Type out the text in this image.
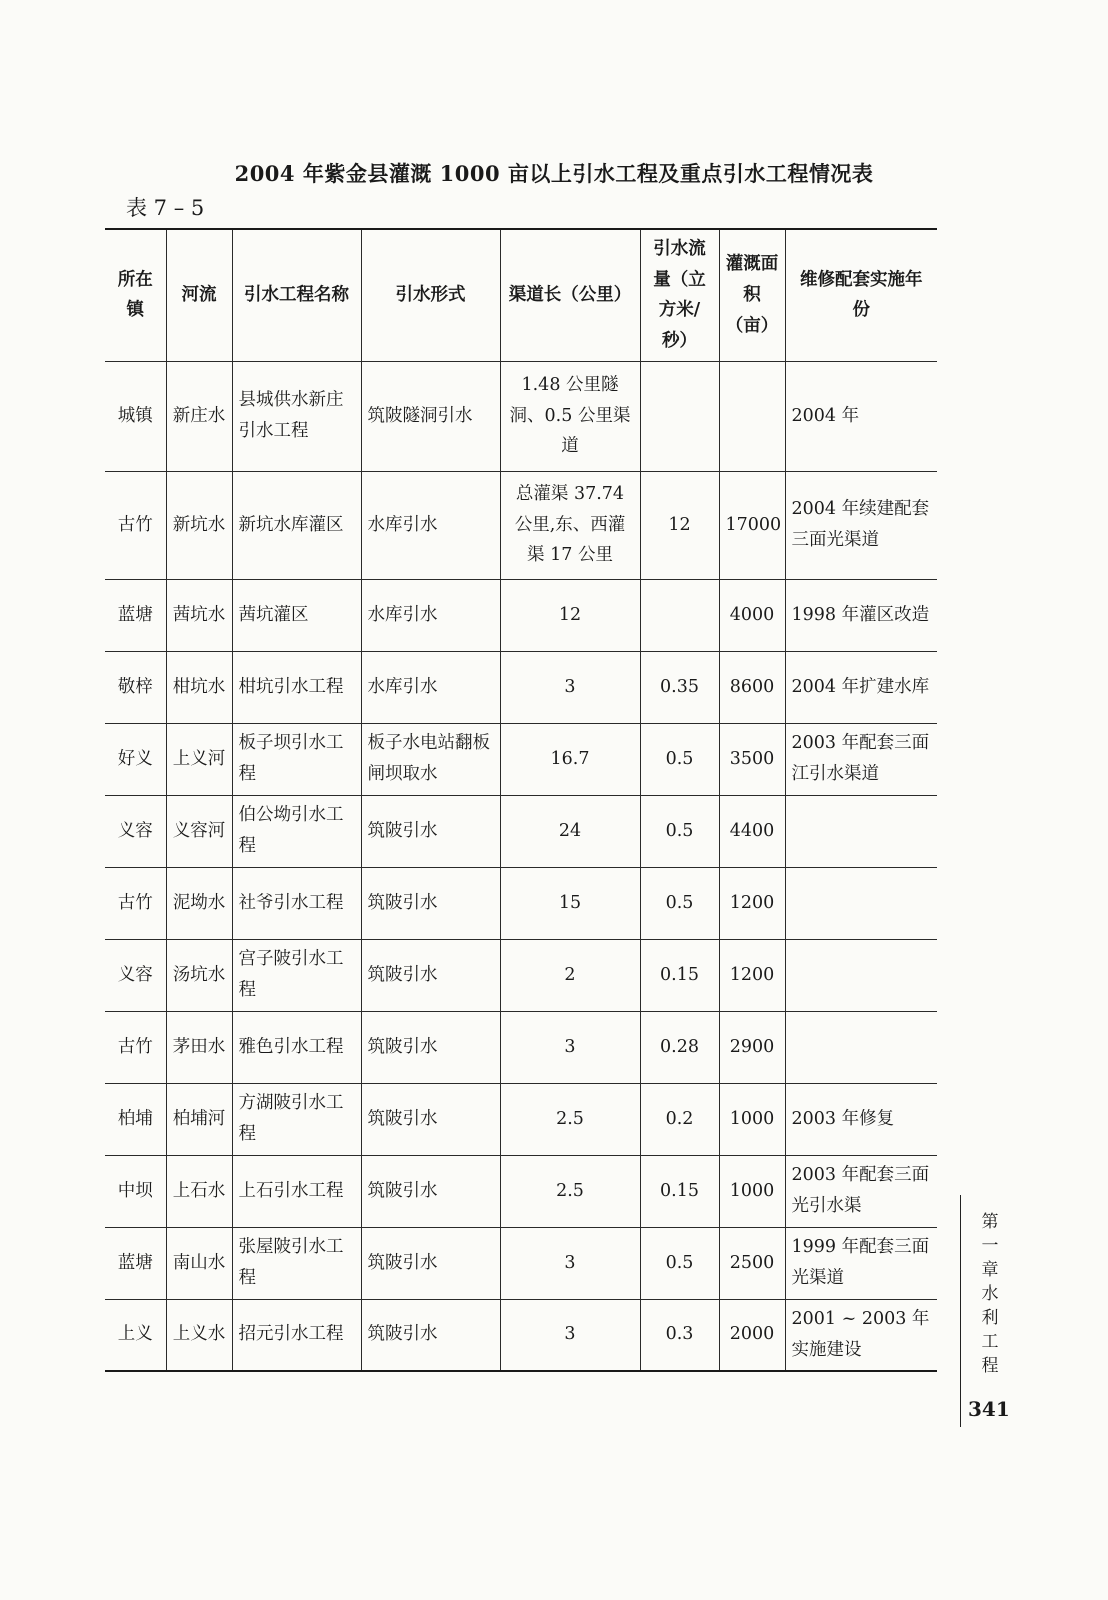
2004 年紫金县灌溉 1000 亩以上引水工程及重点引水工程情况表
表 7 – 5
所在镇	河流	引水工程名称	引水形式	渠道长（公里）	引水流量（立方米/秒）	灌溉面积（亩）	维修配套实施年份
城镇	新庄水	县城供水新庄引水工程	筑陂隧洞引水	1.48 公里隧洞、0.5 公里渠道			2004 年
古竹	新坑水	新坑水库灌区	水库引水	总灌渠 37.74 公里,东、西灌渠 17 公里	12	17000	2004 年续建配套三面光渠道
蓝塘	茜坑水	茜坑灌区	水库引水	12		4000	1998 年灌区改造
敬梓	柑坑水	柑坑引水工程	水库引水	3	0.35	8600	2004 年扩建水库
好义	上义河	板子坝引水工程	板子水电站翻板闸坝取水	16.7	0.5	3500	2003 年配套三面江引水渠道
义容	义容河	伯公坳引水工程	筑陂引水	24	0.5	4400	
古竹	泥坳水	社爷引水工程	筑陂引水	15	0.5	1200	
义容	汤坑水	宫子陂引水工程	筑陂引水	2	0.15	1200	
古竹	茅田水	雅色引水工程	筑陂引水	3	0.28	2900	
柏埔	柏埔河	方湖陂引水工程	筑陂引水	2.5	0.2	1000	2003 年修复
中坝	上石水	上石引水工程	筑陂引水	2.5	0.15	1000	2003 年配套三面光引水渠
蓝塘	南山水	张屋陂引水工程	筑陂引水	3	0.5	2500	1999 年配套三面光渠道
上义	上义水	招元引水工程	筑陂引水	3	0.3	2000	2001 ~ 2003 年实施建设
第一章 水利工程
341
